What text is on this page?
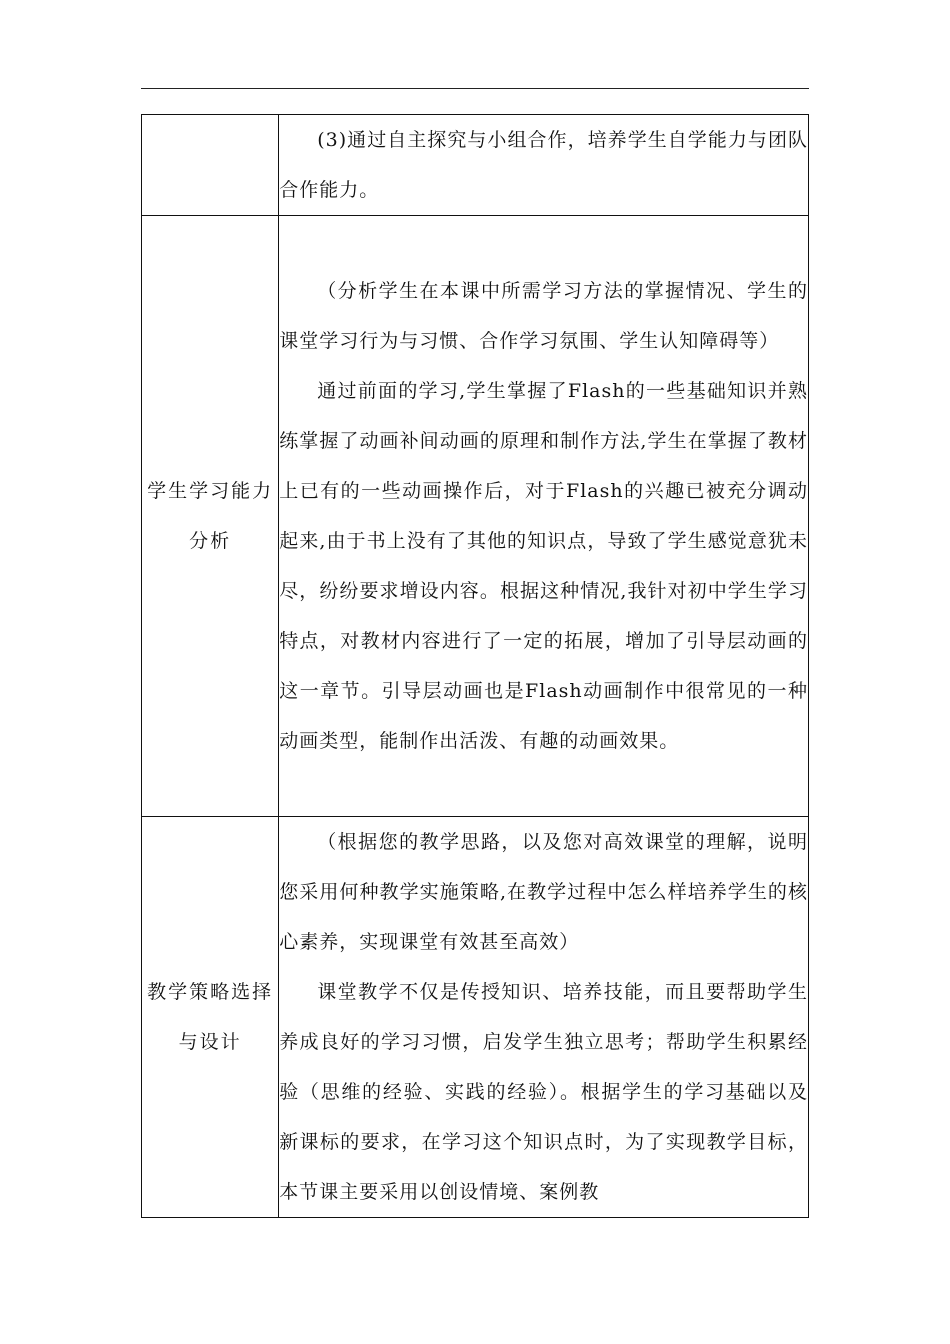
	(3)通过自主探究与小组合作，培养学生自学能力与团队合作能力。

学生学习能力分析	（分析学生在本课中所需学习方法的掌握情况、学生的课堂学习行为与习惯、合作学习氛围、学生认知障碍等）

通过前面的学习,学生掌握了Flash的一些基础知识并熟练掌握了动画补间动画的原理和制作方法,学生在掌握了教材上已有的一些动画操作后，对于Flash的兴趣已被充分调动起来,由于书上没有了其他的知识点，导致了学生感觉意犹未尽，纷纷要求增设内容。根据这种情况,我针对初中学生学习特点，对教材内容进行了一定的拓展，增加了引导层动画的这一章节。引导层动画也是Flash动画制作中很常见的一种动画类型，能制作出活泼、有趣的动画效果。

教学策略选择与设计	（根据您的教学思路，以及您对高效课堂的理解，说明您采用何种教学实施策略,在教学过程中怎么样培养学生的核心素养，实现课堂有效甚至高效）

课堂教学不仅是传授知识、培养技能，而且要帮助学生养成良好的学习习惯，启发学生独立思考；帮助学生积累经验（思维的经验、实践的经验）。根据学生的学习基础以及新课标的要求，在学习这个知识点时，为了实现教学目标，本节课主要采用以创设情境、案例教
